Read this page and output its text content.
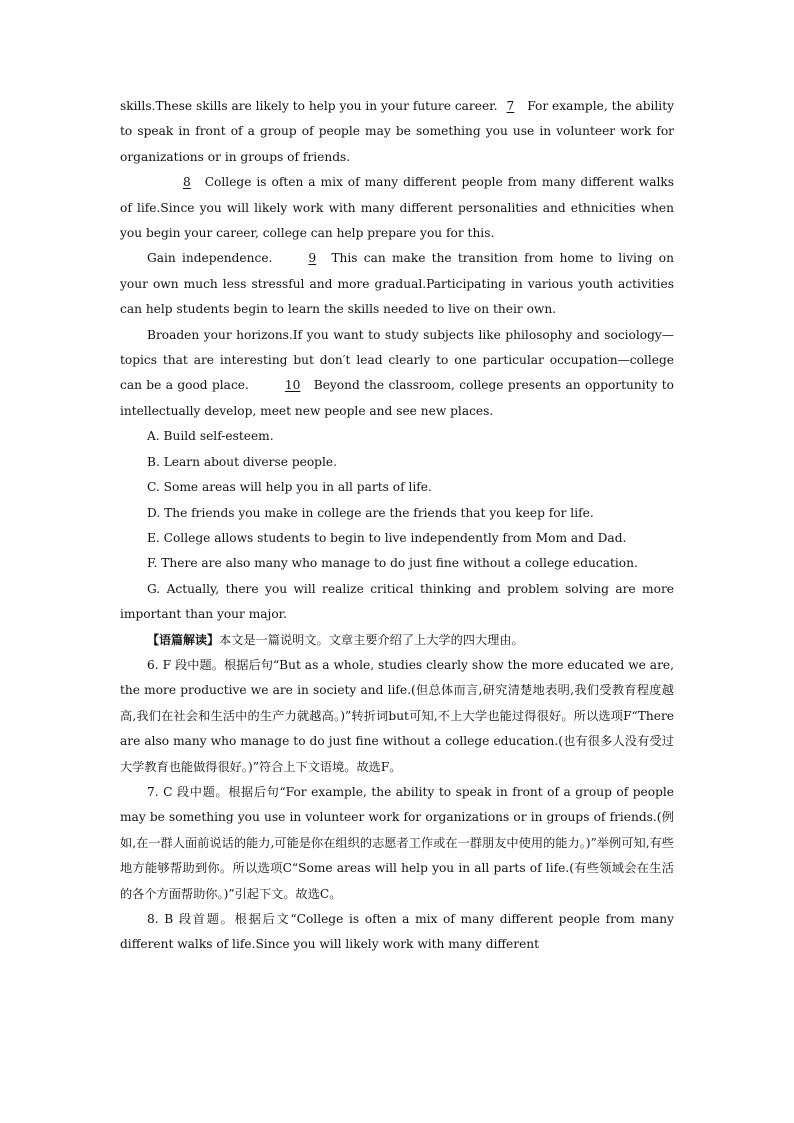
skills.These skills are likely to help you in your future career. 7 For example, the ability to speak in front of a group of people may be something you use in volunteer work for organizations or in groups of friends.

8 College is often a mix of many different people from many different walks of life.Since you will likely work with many different personalities and ethnicities when you begin your career, college can help prepare you for this.

Gain independence.	9 This can make the transition from home to living on your own much less stressful and more gradual.Participating in various youth activities can help students begin to learn the skills needed to live on their own.

Broaden your horizons.If you want to study subjects like philosophy and sociology—topics that are interesting but don′t lead clearly to one particular occupation—college can be a good place.	10 Beyond the classroom, college presents an opportunity to intellectually develop, meet new people and see new places.

A. Build self-esteem.

B. Learn about diverse people.

C. Some areas will help you in all parts of life.

D. The friends you make in college are the friends that you keep for life.

E. College allows students to begin to live independently from Mom and Dad.

F. There are also many who manage to do just fine without a college education.

G. Actually, there you will realize critical thinking and problem solving are more important than your major.

【语篇解读】本文是一篇说明文。文章主要介绍了上大学的四大理由。

6. F 段中题。根据后句“But as a whole, studies clearly show the more educated we are, the more productive we are in society and life.(但总体而言,研究清楚地表明,我们受教育程度越高,我们在社会和生活中的生产力就越高。)”转折词but可知,不上大学也能过得很好。所以选项F“There are also many who manage to do just fine without a college education.(也有很多人没有受过大学教育也能做得很好。)”符合上下文语境。故选F。

7. C 段中题。根据后句“For example, the ability to speak in front of a group of people may be something you use in volunteer work for organizations or in groups of friends.(例如,在一群人面前说话的能力,可能是你在组织的志愿者工作或在一群朋友中使用的能力。)”举例可知,有些地方能够帮助到你。所以选项C“Some areas will help you in all parts of life.(有些领域会在生活的各个方面帮助你。)”引起下文。故选C。

8. B 段首题。根据后文“College is often a mix of many different people from many different walks of life.Since you will likely work with many different
